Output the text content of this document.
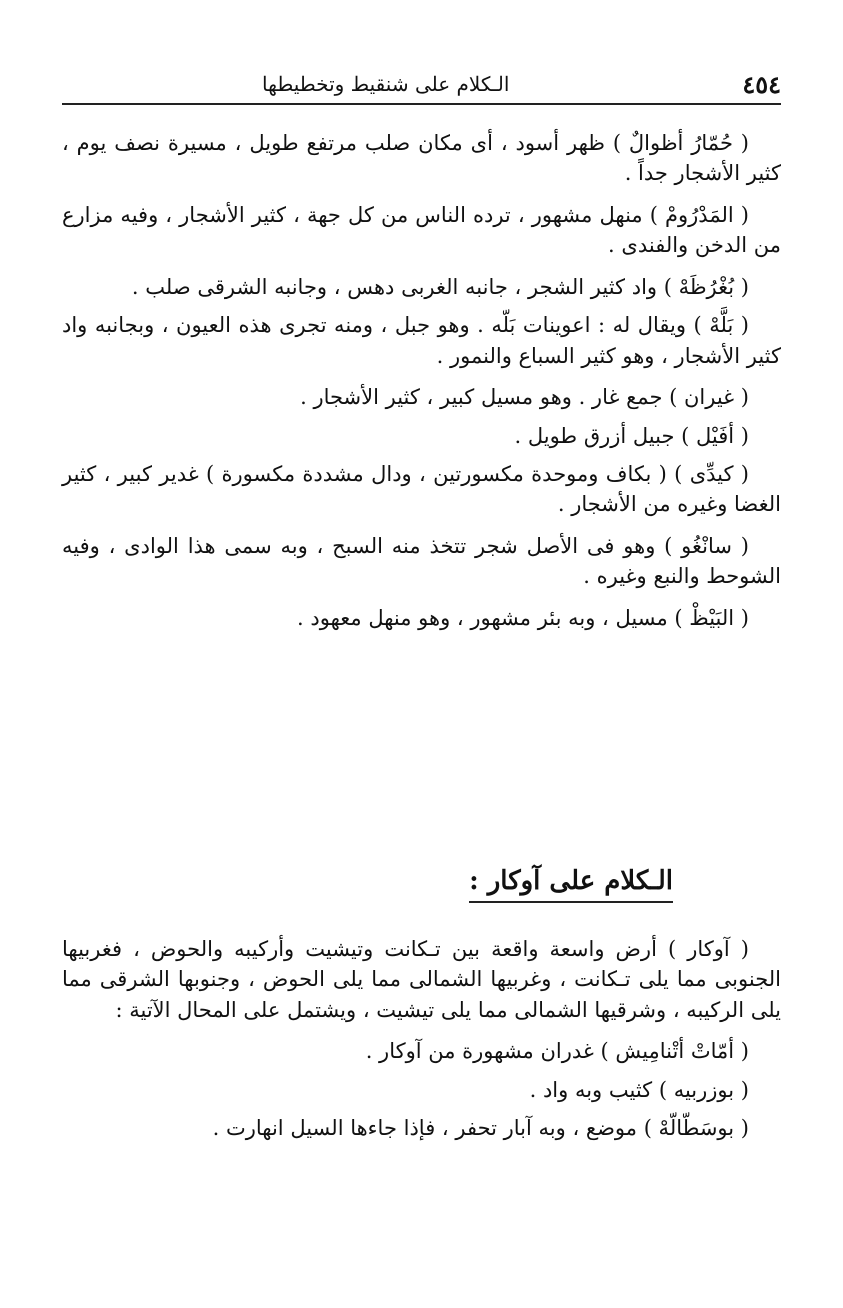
الـكلام على شنقيط وتخطيطها	٤٥٤

( حُمّارُ أظوالٌ ) ظهر أسود ، أى مكان صلب مرتفع طويل ، مسيرة نصف يوم ، كثير الأشجار جداً .

( المَدْرُومْ ) منهل مشهور ، ترده الناس من كل جهة ، كثير الأشجار ، وفيه مزارع من الدخن والفندى .

( بُغْرُظَهْ ) واد كثير الشجر ، جانبه الغربى دهس ، وجانبه الشرقى صلب .

( بَلَّهْ ) ويقال له : اعوينات بَلّه . وهو جبل ، ومنه تجرى هذه العيون ، وبجانبه واد كثير الأشجار ، وهو كثير السباع والنمور .

( غيران ) جمع غار . وهو مسيل كبير ، كثير الأشجار .

( أفَيْل ) جبيل أزرق طويل .

( كيدِّى ) ( بكاف وموحدة مكسورتين ، ودال مشددة مكسورة ) غدير كبير ، كثير الغضا وغيره من الأشجار .

( سانْغُو ) وهو فى الأصل شجر تتخذ منه السبح ، وبه سمى هذا الوادى ، وفيه الشوحط والنبع وغيره .

( البَيْظْ ) مسيل ، وبه بئر مشهور ، وهو منهل معهود .

الـكلام على آوكار :

( آوكار ) أرض واسعة واقعة بين تـكانت وتيشيت وأركيبه والحوض ، فغربيها الجنوبى مما يلى تـكانت ، وغربيها الشمالى مما يلى الحوض ، وجنوبها الشرقى مما يلى الركيبه ، وشرقيها الشمالى مما يلى تيشيت ، ويشتمل على المحال الآتية :

( أمّاتْ أتْنامِيش ) غدران مشهورة من آوكار .

( بوزربيه ) كثيب وبه واد .

( بوسَطّالّهْ ) موضع ، وبه آبار تحفر ، فإذا جاءها السيل انهارت .
